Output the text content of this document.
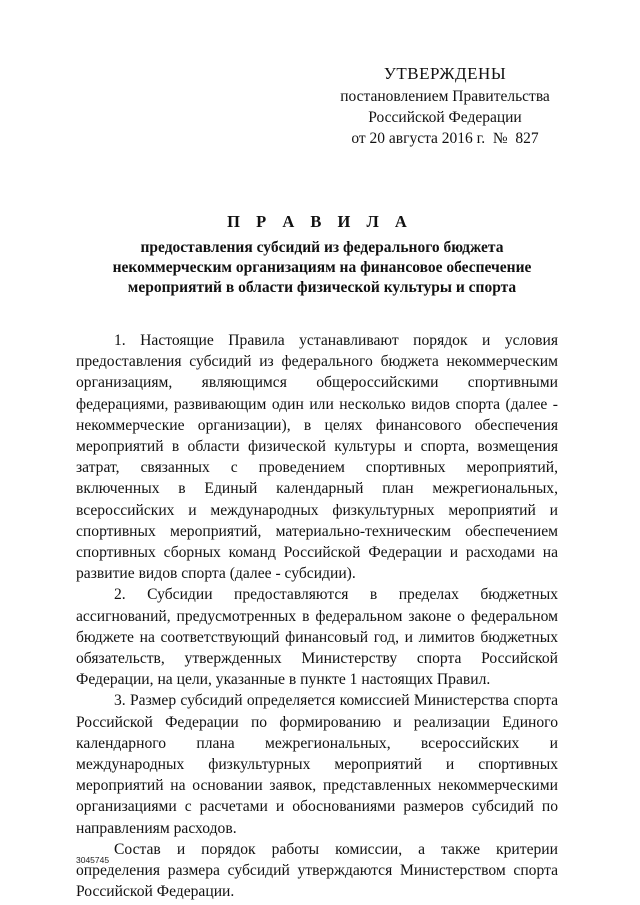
УТВЕРЖДЕНЫ
постановлением Правительства
Российской Федерации
от 20 августа 2016 г.  №  827
П Р А В И Л А
предоставления субсидий из федерального бюджета
некоммерческим организациям на финансовое обеспечение
мероприятий в области физической культуры и спорта

1. Настоящие Правила устанавливают порядок и условия предоставления субсидий из федерального бюджета некоммерческим организациям, являющимся общероссийскими спортивными федерациями, развивающим один или несколько видов спорта (далее - некоммерческие организации), в целях финансового обеспечения мероприятий в области физической культуры и спорта, возмещения затрат, связанных с проведением спортивных мероприятий, включенных в Единый календарный план межрегиональных, всероссийских и международных физкультурных мероприятий и спортивных мероприятий, материально-техническим обеспечением спортивных сборных команд Российской Федерации и расходами на развитие видов спорта (далее - субсидии).

2. Субсидии предоставляются в пределах бюджетных ассигнований, предусмотренных в федеральном законе о федеральном бюджете на соответствующий финансовый год, и лимитов бюджетных обязательств, утвержденных Министерству спорта Российской Федерации, на цели, указанные в пункте 1 настоящих Правил.

3. Размер субсидий определяется комиссией Министерства спорта Российской Федерации по формированию и реализации Единого календарного плана межрегиональных, всероссийских и международных физкультурных мероприятий и спортивных мероприятий на основании заявок, представленных некоммерческими организациями с расчетами и обоснованиями размеров субсидий по направлениям расходов.

Состав и порядок работы комиссии, а также критерии определения размера субсидий утверждаются Министерством спорта Российской Федерации.

3045745
